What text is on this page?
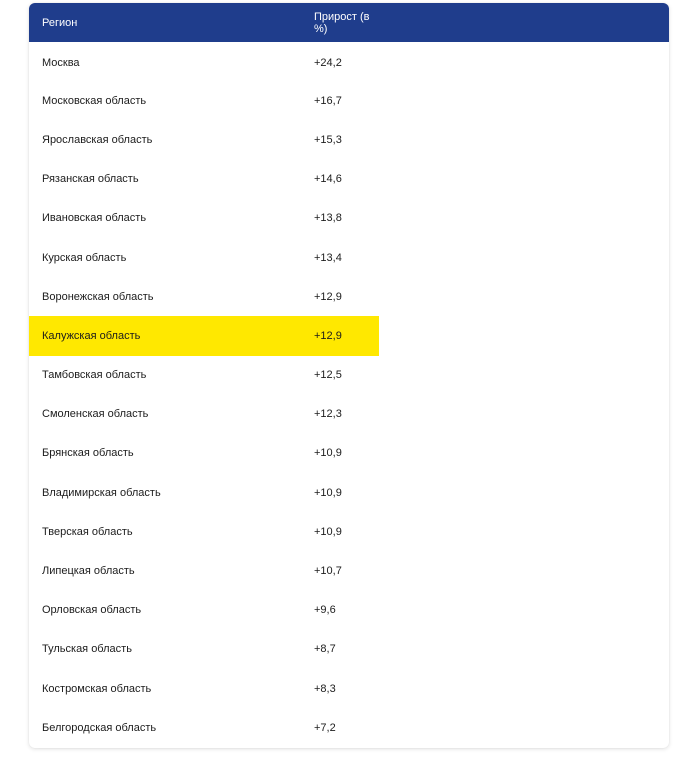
Регион	Прирост (в %)	
Москва	+24,2	
Московская область	+16,7	
Ярославская область	+15,3	
Рязанская область	+14,6	
Ивановская область	+13,8	
Курская область	+13,4	
Воронежская область	+12,9	
Калужская область	+12,9	
Тамбовская область	+12,5	
Смоленская область	+12,3	
Брянская область	+10,9	
Владимирская область	+10,9	
Тверская область	+10,9	
Липецкая область	+10,7	
Орловская область	+9,6	
Тульская область	+8,7	
Костромская область	+8,3	
Белгородская область	+7,2	
